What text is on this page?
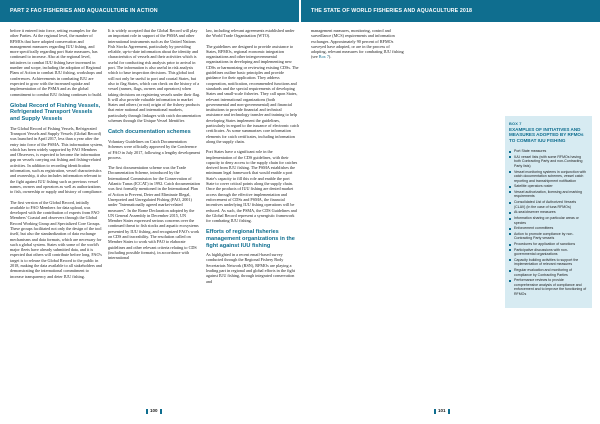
PART 2 FAO FISHERIES AND AQUACULTURE IN ACTION	THE STATE OF WORLD FISHERIES AND AQUACULTURE 2018

before it entered into force, setting examples for the other Parties. At the regional level, the number of RFMOs that have adopted conservation and management measures regarding IUU fishing, and more specifically regarding port State measures, has continued to increase. Also at the regional level, initiatives to combat IUU fishing have increased in number and scope, including the adoption of Regional Plans of Action to combat IUU fishing, workshops and conferences. Achievements in combating IUU are expected to grow with the increased uptake and implementation of the PSMA and as the global commitment to combat IUU fishing continues to build.

Global Record of Fishing Vessels, Refrigerated Transport Vessels and Supply Vessels

The Global Record of Fishing Vessels, Refrigerated Transport Vessels and Supply Vessels (Global Record) was launched in April 2017, less than a year after the entry into force of the PSMA. This information system, which has been widely supported by FAO Members and Observers, is expected to become the information gap on vessels carrying out fishing and fishing-related activities. In addition to recording identification information, such as registration, vessel characteristics and ownership, it also includes information relevant to the fight against IUU fishing such as previous vessel names, owners and operators as well as authorizations to fish, ownership or supply and history of compliance.

The first version of the Global Record, initially available to FAO Members for data upload, was developed with the contribution of experts from FAO Members' Coastal and observers through the Global Record Working Group and Specialized Core Groups. These groups facilitated not only the design of the tool itself, but also the standardization of data exchange mechanisms and data formats, which are necessary for such a global system. States with some of the world's major fleets have already submitted data, and it is expected that others will contribute before long. FAO's target is to release the Global Record to the public in 2018, making the data available to all stakeholders and demonstrating the international commitment to increase transparency and deter IUU fishing.

It is widely accepted that the Global Record will play an important role in support of the PSMA and other international instruments such as the United Nations Fish Stocks Agreement, particularly by providing reliable, up-to-date information about the identity and characteristics of vessels and their activities which is useful for conducting risk analysis prior to arrival in port. The information is also useful in risk analysis which to base inspection decisions. This global tool will not only be useful to port and coastal States, but also to flag States, which can check on the history of a vessel (names, flags, owners and operators) when taking decisions on registering vessels under their flag. It will also provide valuable information to market States and others (or not) origin of the fishery products that enter national and international markets, particularly through linkages with catch documentation schemes through the Unique Vessel Identifier.

Catch documentation schemes

Voluntary Guidelines on Catch Documentation Schemes were officially approved by the Conference of FAO in July 2017, following a lengthy development process.

The first documentation scheme was the Trade Documentation Scheme, introduced by the International Commission for the Conservation of Atlantic Tunas (ICCAT) in 1992. Catch documentation was first formally mentioned in the International Plan of Action to Prevent, Deter and Eliminate Illegal, Unreported and Unregulated Fishing (FAO, 2001) under "Internationally agreed market-related measures". In the Rome Declaration adopted by the UN General Assembly in December 2015, UN Member States expressed serious concerns over the continued threat to fish stocks and aquatic ecosystems presented by IUU fishing, and recognized FAO's work on CDS and traceability. The resolution called on Member States to work with FAO to elaborate guidelines and other relevant criteria relating to CDS (including possible formats), in accordance with international

law, including relevant agreements established under the World Trade Organization (WTO).

The guidelines are designed to provide assistance to States, RFMOs, regional economic integration organizations and other intergovernmental organizations in developing and implementing new CDSs or harmonizing or reviewing existing CDSs. The guidelines outline basic principles and provide guidance for their application. They address cooperation, notification, recommended functions and standards and the special requirements of developing States and small-scale fisheries. They call upon States, relevant international organizations (both governmental and non-governmental) and financial institutions to provide financial and technical assistance and technology transfer and training to help developing States implement the guidelines, particularly in regard to the issuance of electronic catch certificates. As some summarizes core information elements for catch certificates, including information along the supply chain.

Port States have a significant role in the implementation of the CDS guidelines, with their capacity to deny access to the supply chain for catches derived from IUU fishing. The PSMA establishes the minimum legal framework that would enable a port State's capacity to fill this role and enable the port State to cover critical points along the supply chain. Once the products of IUU fishing are denied market access through the effective implementation and enforcement of CDSs and PSMA, the financial incentives underlying IUU fishing operations will be reduced. As such, the PSMA, the CDS Guidelines and the Global Record represent a synergistic framework for combating IUU fishing.

Efforts of regional fisheries management organizations in the fight against IUU fishing

As highlighted in a recent email-based survey conducted through the Regional Fishery Body Secretariats Network (RSN), RFMOs are playing a leading part in regional and global efforts in the fight against IUU fishing, through integrated conservation and

management measures, monitoring, control and surveillance (MCS) requirements and information exchanges. Approximately 90 percent of RFMOs surveyed have adopted, or are in the process of adopting, relevant measures for combating IUU fishing (see Box 7).

BOX 7
EXAMPLES OF INITIATIVES AND MEASURES ADOPTED BY RFMOs TO COMBAT IUU FISHING
Port State measures
IUU vessel lists (with some RFMOs having both Contracting Party and non-Contracting Party lists)
Vessel monitoring systems in conjunction with catch documentation schemes, vessel catch reporting and transshipment notification
Satellite operators roster
Vessel authorization, licensing and marking requirements
Consolidated List of Authorized Vessels (CLAV) (in the case of tuna RFMOs)
At-sea/observer measures
Information sharing on particular areas or species
Enforcement committees
Action to promote compliance by non-Contracting Party vessels
Procedures for application of sanctions
Participative discussions with non-governmental organizations
Capacity building activities to support the implementation of relevant measures
Regular evaluation and monitoring of compliance by Contracting Parties
Performance reviews to provide comprehensive analysis of compliance and enforcement and to improve the functioning of RFMOs
100	101
